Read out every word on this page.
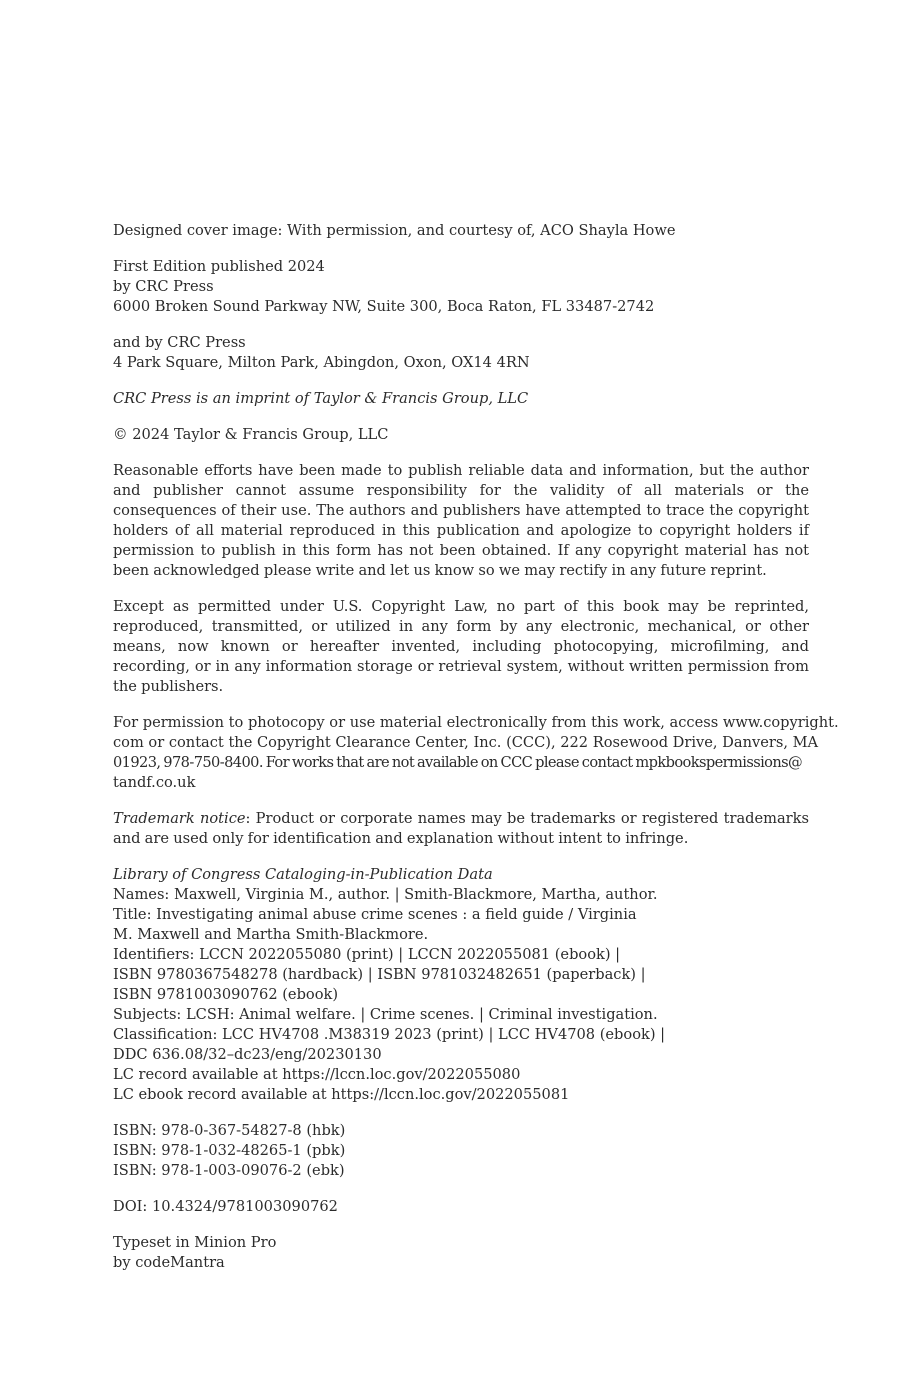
Designed cover image: With permission, and courtesy of, ACO Shayla Howe
First Edition published 2024
by CRC Press
6000 Broken Sound Parkway NW, Suite 300, Boca Raton, FL 33487-2742
and by CRC Press
4 Park Square, Milton Park, Abingdon, Oxon, OX14 4RN
CRC Press is an imprint of Taylor & Francis Group, LLC
© 2024 Taylor & Francis Group, LLC
Reasonable efforts have been made to publish reliable data and information, but the author and publisher cannot assume responsibility for the validity of all materials or the consequences of their use. The authors and publishers have attempted to trace the copyright holders of all material reproduced in this publication and apologize to copyright holders if permission to publish in this form has not been obtained. If any copyright material has not been acknowledged please write and let us know so we may rectify in any future reprint.
Except as permitted under U.S. Copyright Law, no part of this book may be reprinted, reproduced, transmitted, or utilized in any form by any electronic, mechanical, or other means, now known or hereafter invented, including photocopying, microfilming, and recording, or in any information storage or retrieval system, without written permission from the publishers.
For permission to photocopy or use material electronically from this work, access www.copyright.
com or contact the Copyright Clearance Center, Inc. (CCC), 222 Rosewood Drive, Danvers, MA
01923, 978-750-8400. For works that are not available on CCC please contact mpkbookspermissions@
tandf.co.uk
Trademark notice: Product or corporate names may be trademarks or registered trademarks and are used only for identification and explanation without intent to infringe.
Library of Congress Cataloging-in-Publication Data
Names: Maxwell, Virginia M., author. | Smith-Blackmore, Martha, author.
Title: Investigating animal abuse crime scenes : a field guide / Virginia
M. Maxwell and Martha Smith-Blackmore.
Identifiers: LCCN 2022055080 (print) | LCCN 2022055081 (ebook) |
ISBN 9780367548278 (hardback) | ISBN 9781032482651 (paperback) |
ISBN 9781003090762 (ebook)
Subjects: LCSH: Animal welfare. | Crime scenes. | Criminal investigation.
Classification: LCC HV4708 .M38319 2023 (print) | LCC HV4708 (ebook) |
DDC 636.08/32–dc23/eng/20230130
LC record available at https://lccn.loc.gov/2022055080
LC ebook record available at https://lccn.loc.gov/2022055081
ISBN: 978-0-367-54827-8 (hbk)
ISBN: 978-1-032-48265-1 (pbk)
ISBN: 978-1-003-09076-2 (ebk)
DOI: 10.4324/9781003090762
Typeset in Minion Pro
by codeMantra
